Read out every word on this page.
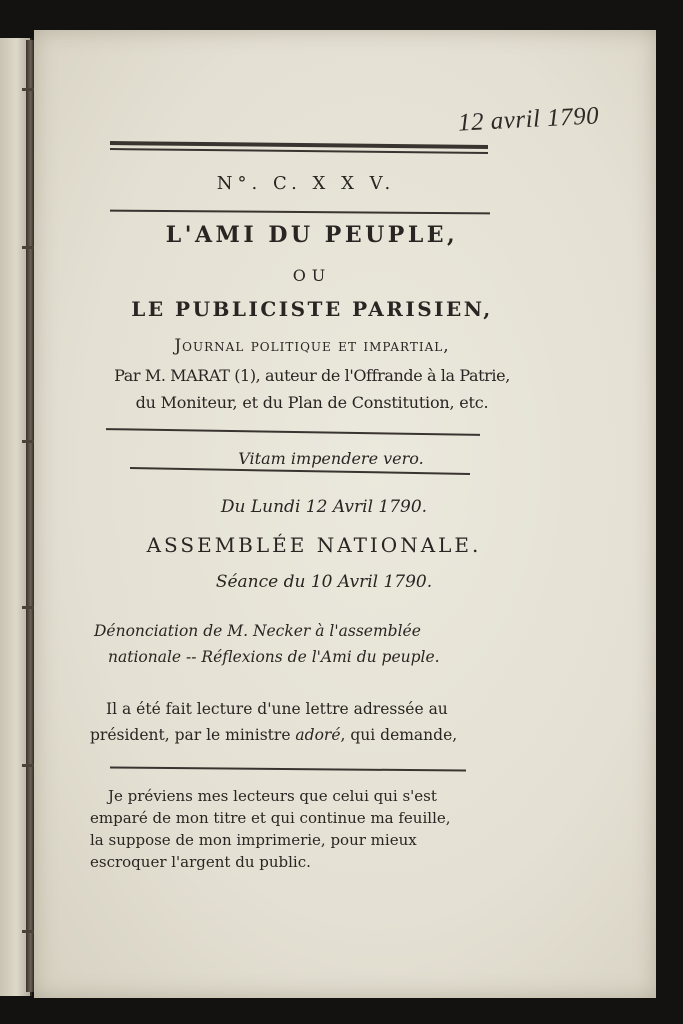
12 avril 1790
N°. C. X X V.
L'AMI DU PEUPLE,
OU
LE PUBLICISTE PARISIEN,
Journal politique et impartial,
Par M. MARAT (1), auteur de l'Offrande à la Patrie,
du Moniteur, et du Plan de Constitution, etc.
Vitam impendere vero.
Du Lundi 12 Avril 1790.
ASSEMBLÉE NATIONALE.
Séance du 10 Avril 1790.
Dénonciation de M. Necker à l'assemblée
nationale -- Réflexions de l'Ami du peuple.
Il a été fait lecture d'une lettre adressée au
président, par le ministre adoré, qui demande,
Je préviens mes lecteurs que celui qui s'est
emparé de mon titre et qui continue ma feuille,
la suppose de mon imprimerie, pour mieux
escroquer l'argent du public.
